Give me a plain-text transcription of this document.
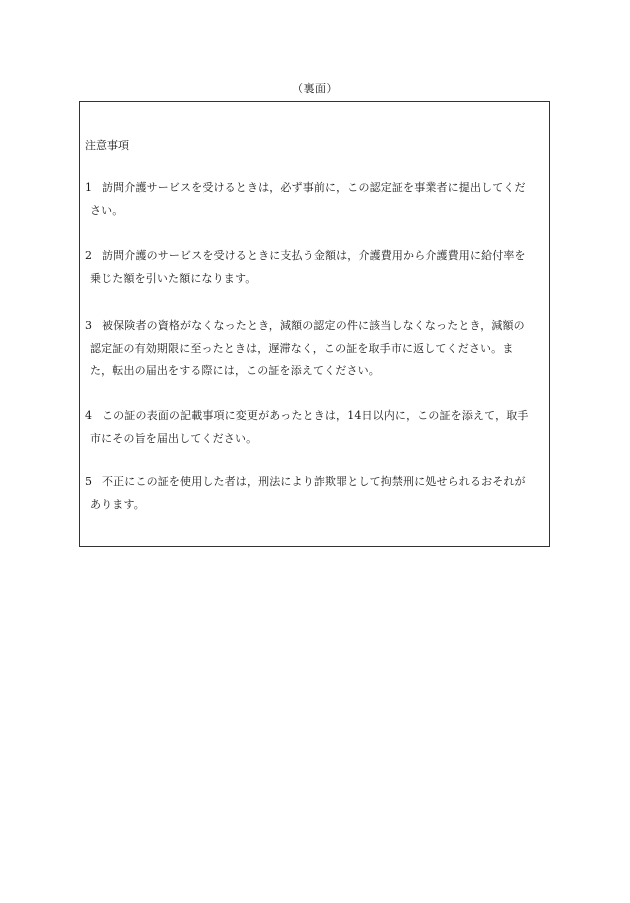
（裏面）
注意事項
1 訪問介護サービスを受けるときは，必ず事前に，この認定証を事業者に提出してくだ
さい。
2 訪問介護のサービスを受けるときに支払う金額は，介護費用から介護費用に給付率を
乗じた額を引いた額になります。
3 被保険者の資格がなくなったとき，減額の認定の件に該当しなくなったとき，減額の
認定証の有効期限に至ったときは，遅滞なく，この証を取手市に返してください。ま
た，転出の届出をする際には，この証を添えてください。
4 この証の表面の記載事項に変更があったときは，14日以内に，この証を添えて，取手
市にその旨を届出してください。
5 不正にこの証を使用した者は，刑法により詐欺罪として拘禁刑に処せられるおそれが
あります。
